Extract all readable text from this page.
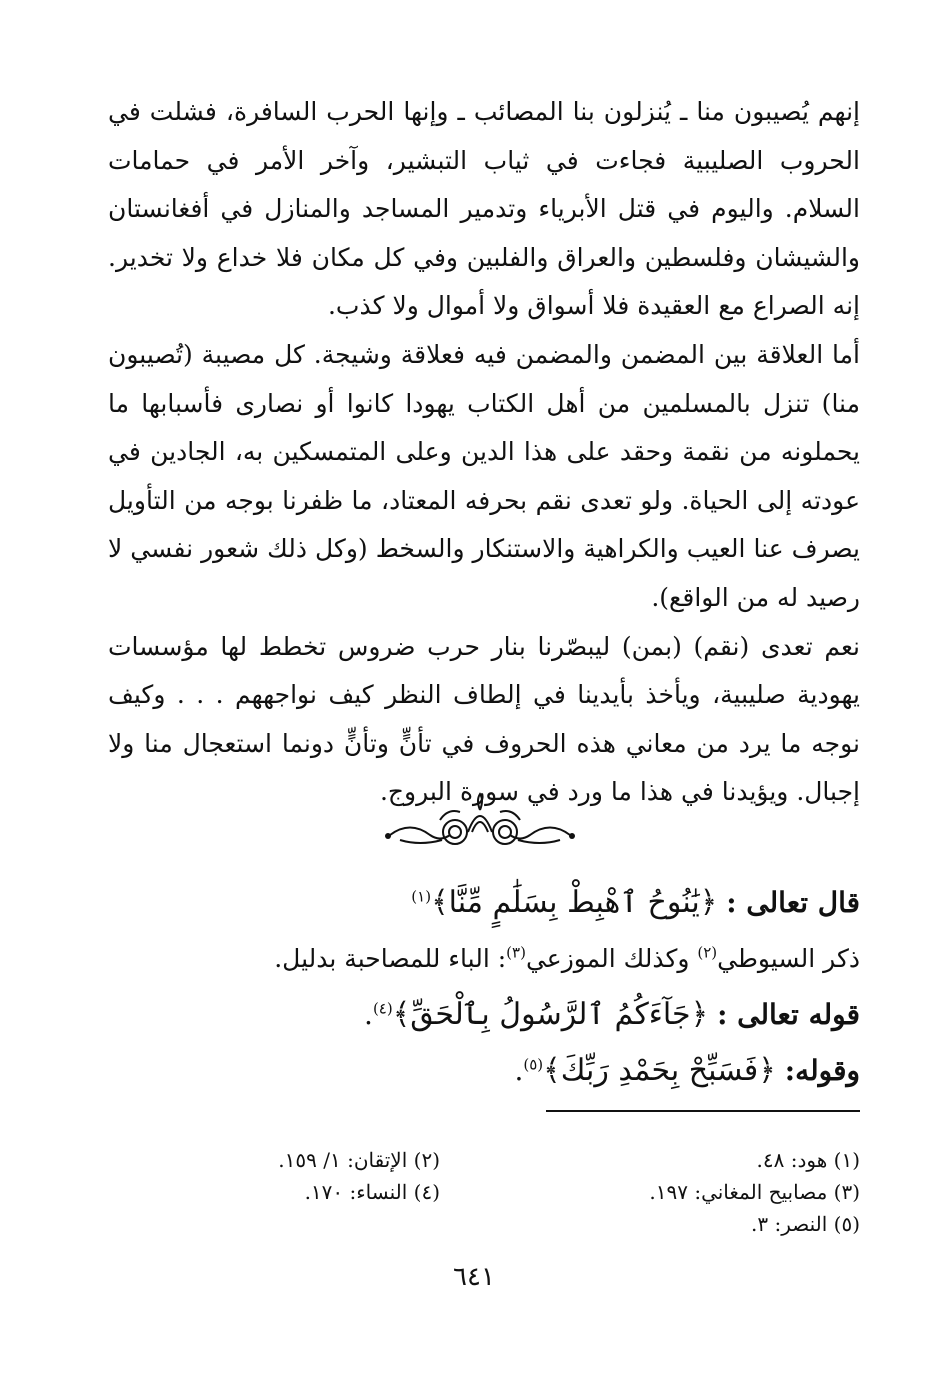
إنهم يُصيبون منا ـ يُنزلون بنا المصائب ـ وإنها الحرب السافرة، فشلت في الحروب الصليبية فجاءت في ثياب التبشير، وآخر الأمر في حمامات السلام. واليوم في قتل الأبرياء وتدمير المساجد والمنازل في أفغانستان والشيشان وفلسطين والعراق والفلبين وفي كل مكان فلا خداع ولا تخدير. إنه الصراع مع العقيدة فلا أسواق ولا أموال ولا كذب.

أما العلاقة بين المضمن والمضمن فيه فعلاقة وشيجة. كل مصيبة (تُصيبون منا) تنزل بالمسلمين من أهل الكتاب يهودا كانوا أو نصارى فأسبابها ما يحملونه من نقمة وحقد على هذا الدين وعلى المتمسكين به، الجادين في عودته إلى الحياة. ولو تعدى نقم بحرفه المعتاد، ما ظفرنا بوجه من التأويل يصرف عنا العيب والكراهية والاستنكار والسخط (وكل ذلك شعور نفسي لا رصيد له من الواقع).

نعم تعدى (نقم) (بمن) ليبصّرنا بنار حرب ضروس تخطط لها مؤسسات يهودية صليبية، ويأخذ بأيدينا في إلطاف النظر كيف نواجههم . . . وكيف نوجه ما يرد من معاني هذه الحروف في تأنٍّ وتأنٍّ دونما استعجال منا ولا إجبال. ويؤيدنا في هذا ما ورد في سورة البروج.

قال تعالى : ﴿يَٰنُوحُ ٱهْبِطْ بِسَلَٰمٍ مِّنَّا﴾$^{(١)}$
ذكر السيوطي$^{(٢)}$ وكذلك الموزعي$^{(٣)}$: الباء للمصاحبة بدليل.
قوله تعالى : ﴿جَآءَكُمُ ٱلرَّسُولُ بِٱلْحَقِّ﴾$^{(٤)}$.
وقوله: ﴿فَسَبِّحْ بِحَمْدِ رَبِّكَ﴾$^{(٥)}$.
(١) هود: ٤٨.
(٢) الإتقان: ١/ ١٥٩.
(٣) مصابيح المغاني: ١٩٧.
(٤) النساء: ١٧٠.
(٥) النصر: ٣.
٦٤١
